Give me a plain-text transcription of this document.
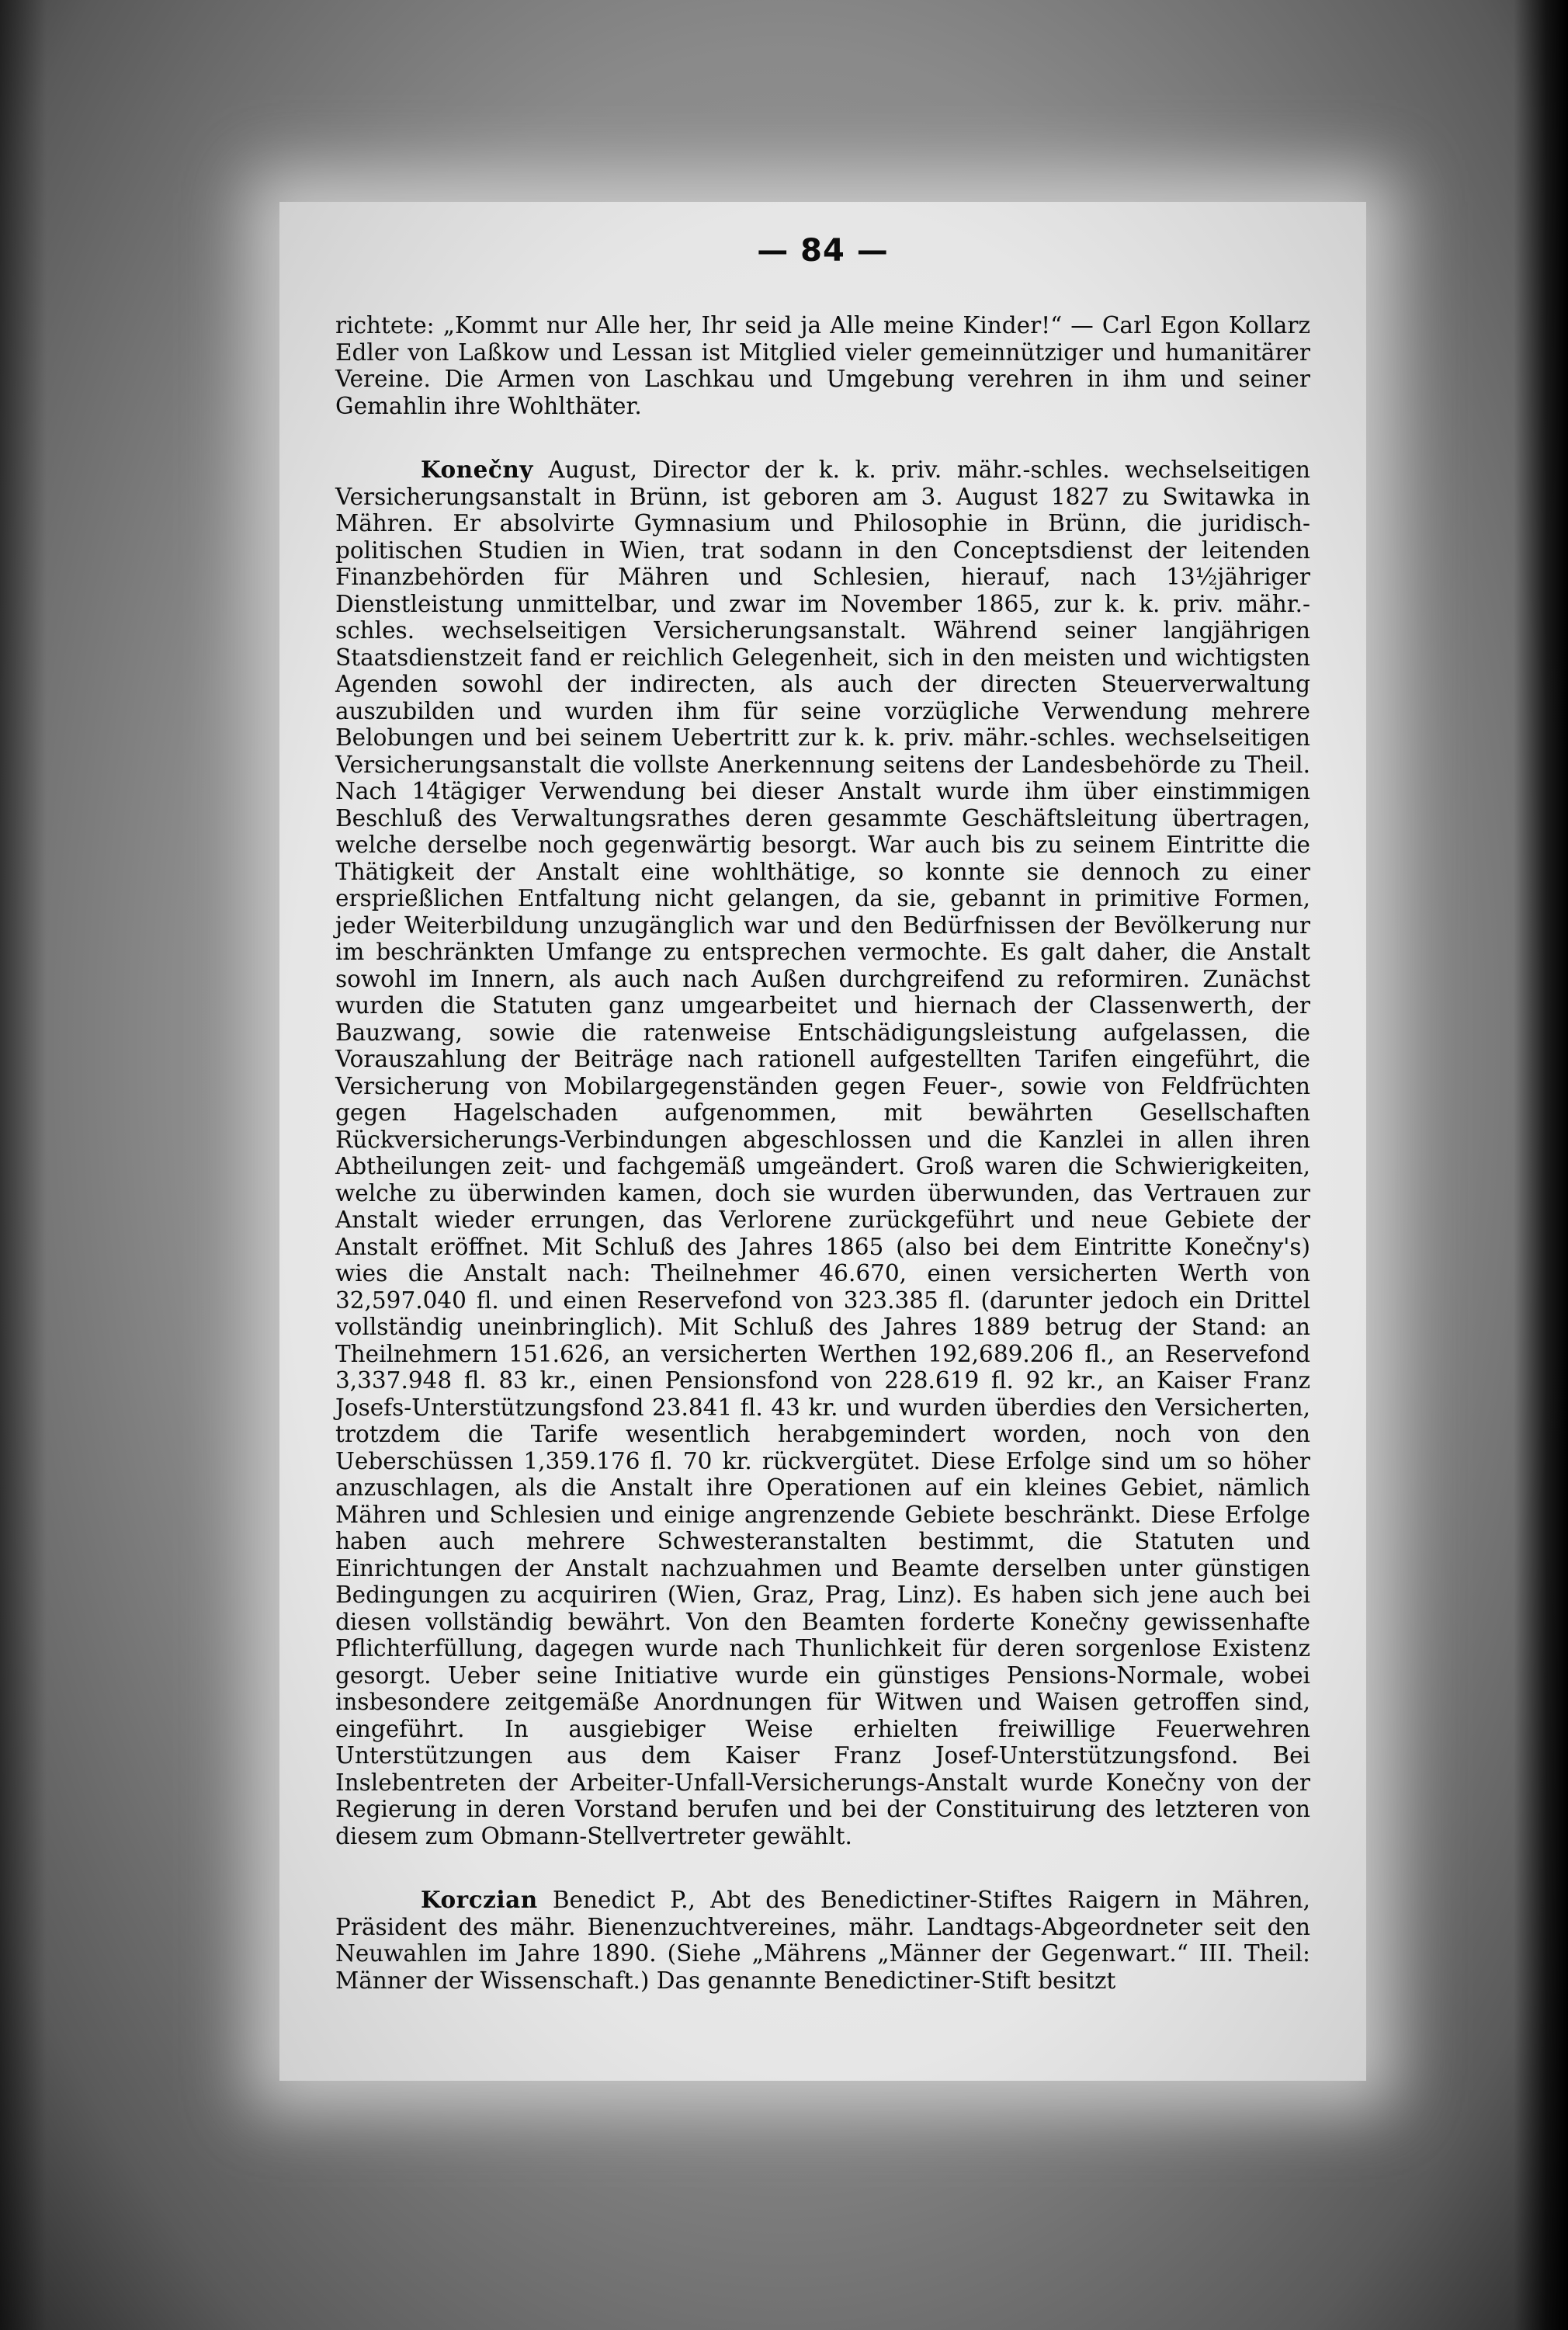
— 84 —

richtete: „Kommt nur Alle her, Ihr seid ja Alle meine Kinder!“ — Carl Egon Kollarz Edler von Laßkow und Lessan ist Mitglied vieler gemeinnütziger und humanitärer Vereine. Die Armen von Laschkau und Umgebung verehren in ihm und seiner Gemahlin ihre Wohlthäter.

Konečny August, Director der k. k. priv. mähr.-schles. wechselseitigen Versicherungsanstalt in Brünn, ist geboren am 3. August 1827 zu Switawka in Mähren. Er absolvirte Gymnasium und Philosophie in Brünn, die juridisch-politischen Studien in Wien, trat sodann in den Conceptsdienst der leitenden Finanzbehörden für Mähren und Schlesien, hierauf, nach 13½jähriger Dienstleistung unmittelbar, und zwar im November 1865, zur k. k. priv. mähr.-schles. wechselseitigen Versicherungsanstalt. Während seiner langjährigen Staatsdienstzeit fand er reichlich Gelegenheit, sich in den meisten und wichtigsten Agenden sowohl der indirecten, als auch der directen Steuerverwaltung auszubilden und wurden ihm für seine vorzügliche Verwendung mehrere Belobungen und bei seinem Uebertritt zur k. k. priv. mähr.-schles. wechselseitigen Versicherungsanstalt die vollste Anerkennung seitens der Landesbehörde zu Theil. Nach 14tägiger Verwendung bei dieser Anstalt wurde ihm über einstimmigen Beschluß des Verwaltungsrathes deren gesammte Geschäftsleitung übertragen, welche derselbe noch gegenwärtig besorgt. War auch bis zu seinem Eintritte die Thätigkeit der Anstalt eine wohlthätige, so konnte sie dennoch zu einer ersprießlichen Entfaltung nicht gelangen, da sie, gebannt in primitive Formen, jeder Weiterbildung unzugänglich war und den Bedürfnissen der Bevölkerung nur im beschränkten Umfange zu entsprechen vermochte. Es galt daher, die Anstalt sowohl im Innern, als auch nach Außen durchgreifend zu reformiren. Zunächst wurden die Statuten ganz umgearbeitet und hiernach der Classenwerth, der Bauzwang, sowie die ratenweise Entschädigungsleistung aufgelassen, die Vorauszahlung der Beiträge nach rationell aufgestellten Tarifen eingeführt, die Versicherung von Mobilargegenständen gegen Feuer-, sowie von Feldfrüchten gegen Hagelschaden aufgenommen, mit bewährten Gesellschaften Rückversicherungs-Verbindungen abgeschlossen und die Kanzlei in allen ihren Abtheilungen zeit- und fachgemäß umgeändert. Groß waren die Schwierigkeiten, welche zu überwinden kamen, doch sie wurden überwunden, das Vertrauen zur Anstalt wieder errungen, das Verlorene zurückgeführt und neue Gebiete der Anstalt eröffnet. Mit Schluß des Jahres 1865 (also bei dem Eintritte Konečny's) wies die Anstalt nach: Theilnehmer 46.670, einen versicherten Werth von 32,597.040 fl. und einen Reservefond von 323.385 fl. (darunter jedoch ein Drittel vollständig uneinbringlich). Mit Schluß des Jahres 1889 betrug der Stand: an Theilnehmern 151.626, an versicherten Werthen 192,689.206 fl., an Reservefond 3,337.948 fl. 83 kr., einen Pensionsfond von 228.619 fl. 92 kr., an Kaiser Franz Josefs-Unterstützungsfond 23.841 fl. 43 kr. und wurden überdies den Versicherten, trotzdem die Tarife wesentlich herabgemindert worden, noch von den Ueberschüssen 1,359.176 fl. 70 kr. rückvergütet. Diese Erfolge sind um so höher anzuschlagen, als die Anstalt ihre Operationen auf ein kleines Gebiet, nämlich Mähren und Schlesien und einige angrenzende Gebiete beschränkt. Diese Erfolge haben auch mehrere Schwesteranstalten bestimmt, die Statuten und Einrichtungen der Anstalt nachzuahmen und Beamte derselben unter günstigen Bedingungen zu acquiriren (Wien, Graz, Prag, Linz). Es haben sich jene auch bei diesen vollständig bewährt. Von den Beamten forderte Konečny gewissenhafte Pflichterfüllung, dagegen wurde nach Thunlichkeit für deren sorgenlose Existenz gesorgt. Ueber seine Initiative wurde ein günstiges Pensions-Normale, wobei insbesondere zeitgemäße Anordnungen für Witwen und Waisen getroffen sind, eingeführt. In ausgiebiger Weise erhielten freiwillige Feuerwehren Unterstützungen aus dem Kaiser Franz Josef-Unterstützungsfond. Bei Inslebentreten der Arbeiter-Unfall-Versicherungs-Anstalt wurde Konečny von der Regierung in deren Vorstand berufen und bei der Constituirung des letzteren von diesem zum Obmann-Stellvertreter gewählt.

Korczian Benedict P., Abt des Benedictiner-Stiftes Raigern in Mähren, Präsident des mähr. Bienenzuchtvereines, mähr. Landtags-Abgeordneter seit den Neuwahlen im Jahre 1890. (Siehe „Mährens „Männer der Gegenwart.“ III. Theil: Männer der Wissenschaft.) Das genannte Benedictiner-Stift besitzt
